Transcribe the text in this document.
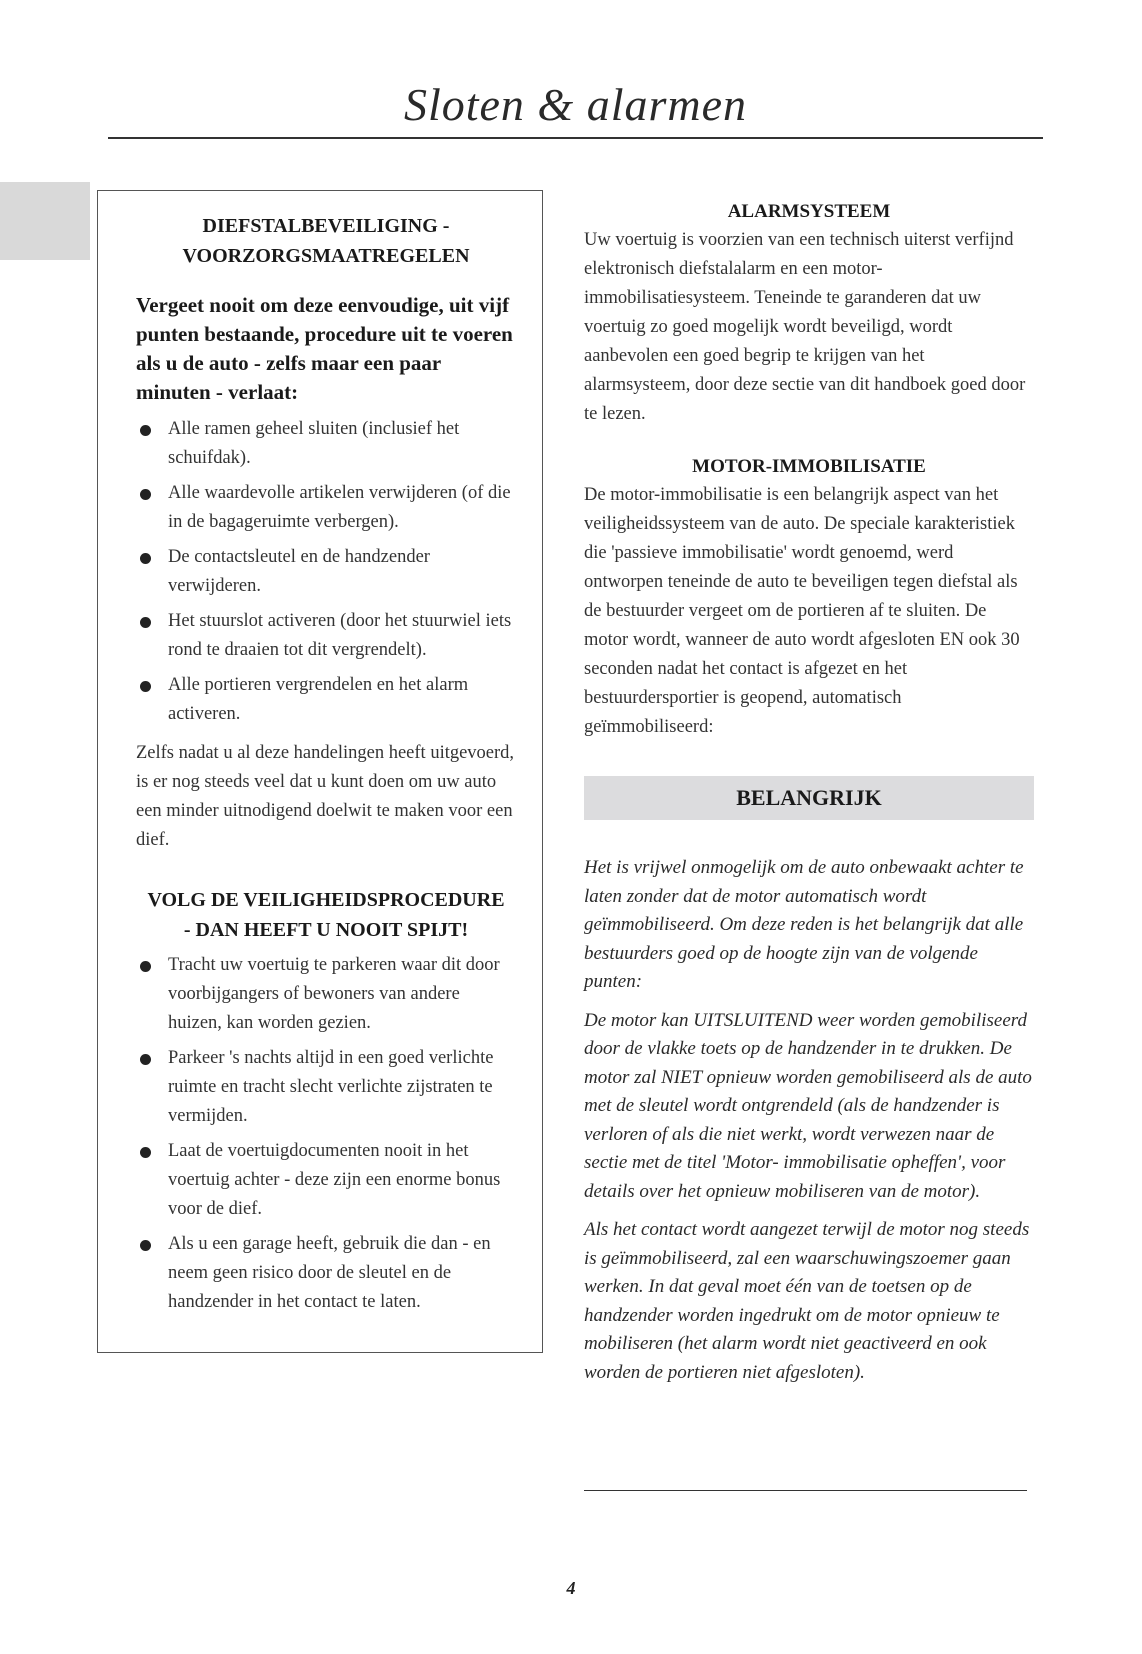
Sloten & alarmen

DIEFSTALBEVEILIGING -
VOORZORGSMAATREGELEN

Vergeet nooit om deze eenvoudige, uit vijf punten bestaande, procedure uit te voeren als u de auto - zelfs maar een paar minuten - verlaat:

Alle ramen geheel sluiten (inclusief het schuifdak).
Alle waardevolle artikelen verwijderen (of die in de bagageruimte verbergen).
De contactsleutel en de handzender verwijderen.
Het stuurslot activeren (door het stuurwiel iets rond te draaien tot dit vergrendelt).
Alle portieren vergrendelen en het alarm activeren.

Zelfs nadat u al deze handelingen heeft uitgevoerd, is er nog steeds veel dat u kunt doen om uw auto een minder uitnodigend doelwit te maken voor een dief.

VOLG DE VEILIGHEIDSPROCEDURE
- DAN HEEFT U NOOIT SPIJT!

Tracht uw voertuig te parkeren waar dit door voorbijgangers of bewoners van andere huizen, kan worden gezien.
Parkeer 's nachts altijd in een goed verlichte ruimte en tracht slecht verlichte zijstraten te vermijden.
Laat de voertuigdocumenten nooit in het voertuig achter - deze zijn een enorme bonus voor de dief.
Als u een garage heeft, gebruik die dan - en neem geen risico door de sleutel en de handzender in het contact te laten.

ALARMSYSTEEM

Uw voertuig is voorzien van een technisch uiterst verfijnd elektronisch diefstalalarm en een motor-immobilisatiesysteem. Teneinde te garanderen dat uw voertuig zo goed mogelijk wordt beveiligd, wordt aanbevolen een goed begrip te krijgen van het alarmsysteem, door deze sectie van dit handboek goed door te lezen.

MOTOR-IMMOBILISATIE

De motor-immobilisatie is een belangrijk aspect van het veiligheidssysteem van de auto. De speciale karakteristiek die 'passieve immobilisatie' wordt genoemd, werd ontworpen teneinde de auto te beveiligen tegen diefstal als de bestuurder vergeet om de portieren af te sluiten. De motor wordt, wanneer de auto wordt afgesloten EN ook 30 seconden nadat het contact is afgezet en het bestuurdersportier is geopend, automatisch geïmmobiliseerd:

BELANGRIJK

Het is vrijwel onmogelijk om de auto onbewaakt achter te laten zonder dat de motor automatisch wordt geïmmobiliseerd. Om deze reden is het belangrijk dat alle bestuurders goed op de hoogte zijn van de volgende punten:

De motor kan UITSLUITEND weer worden gemobiliseerd door de vlakke toets op de handzender in te drukken. De motor zal NIET opnieuw worden gemobiliseerd als de auto met de sleutel wordt ontgrendeld (als de handzender is verloren of als die niet werkt, wordt verwezen naar de sectie met de titel 'Motor- immobilisatie opheffen', voor details over het opnieuw mobiliseren van de motor).

Als het contact wordt aangezet terwijl de motor nog steeds is geïmmobiliseerd, zal een waarschuwingszoemer gaan werken. In dat geval moet één van de toetsen op de handzender worden ingedrukt om de motor opnieuw te mobiliseren (het alarm wordt niet geactiveerd en ook worden de portieren niet afgesloten).

4
